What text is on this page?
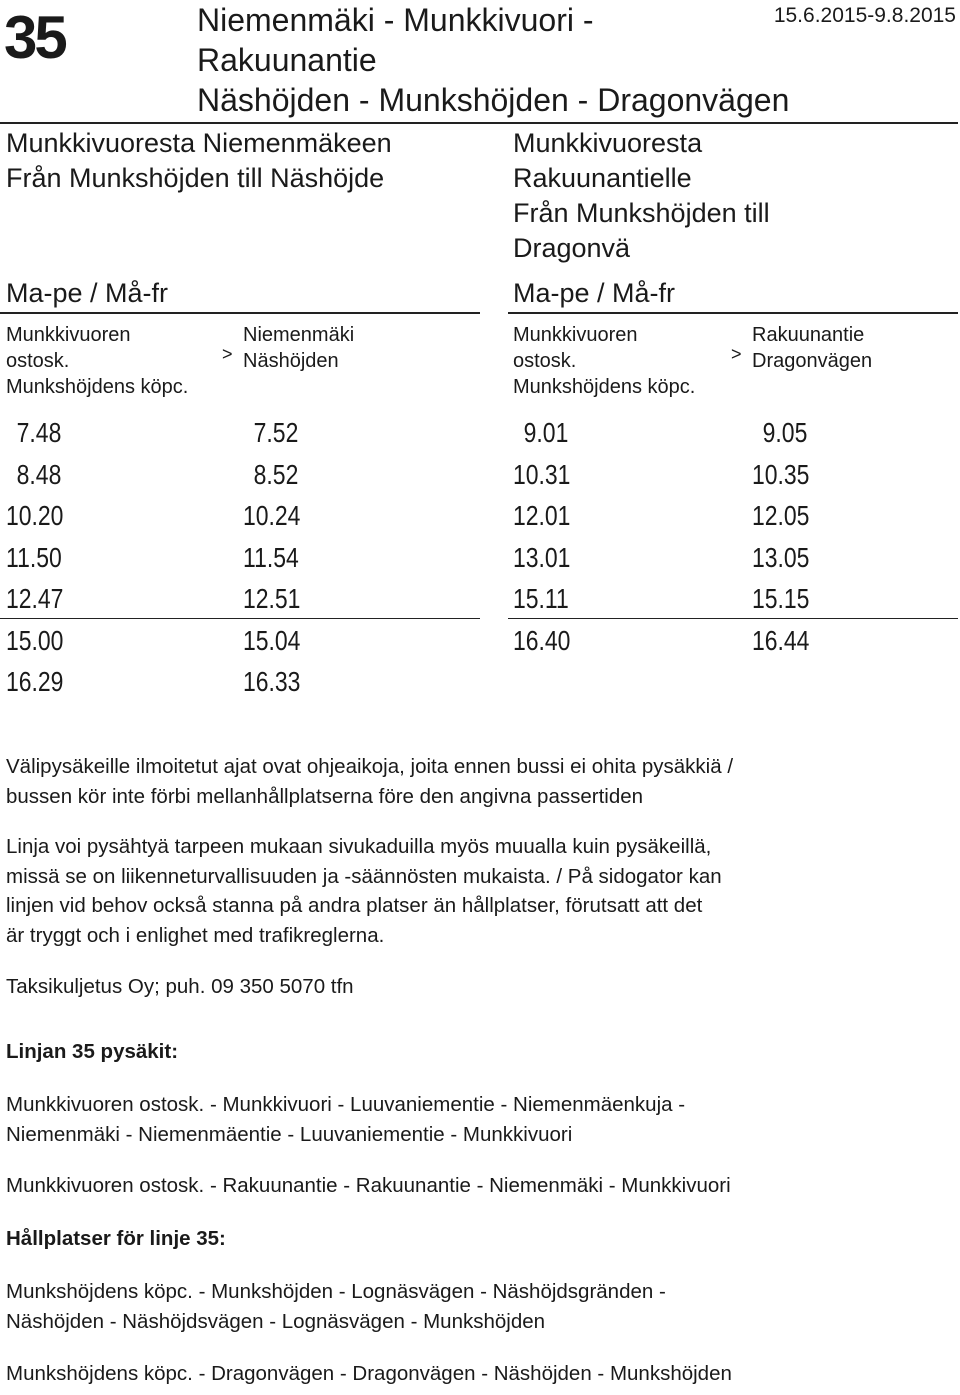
35	Niemenmäki - Munkkivuori -
Rakuunantie
Näshöjden - Munkshöjden - Dragonvägen
15.6.2015-9.8.2015
Munkkivuoresta Niemenmäkeen
Från Munkshöjden till Näshöjde
Ma-pe / Må-fr
Munkkivuoren
ostosk.
Munkshöjdens köpc.
>
Niemenmäki
Näshöjden
7.48
8.48
10.20
11.50
12.47
15.00
16.29
7.52
8.52
10.24
11.54
12.51
15.04
16.33
Munkkivuoresta
Rakuunantielle
Från Munkshöjden till
Dragonvä
Ma-pe / Må-fr
Munkkivuoren
ostosk.
Munkshöjdens köpc.
>
Rakuunantie
Dragonvägen
9.01
10.31
12.01
13.01
15.11
16.40
9.05
10.35
12.05
13.05
15.15
16.44
Välipysäkeille ilmoitetut ajat ovat ohjeaikoja, joita ennen bussi ei ohita pysäkkiä /
bussen kör inte förbi mellanhållplatserna före den angivna passertiden
Linja voi pysähtyä tarpeen mukaan sivukaduilla myös muualla kuin pysäkeillä,
missä se on liikenneturvallisuuden ja -säännösten mukaista. / På sidogator kan
linjen vid behov också stanna på andra platser än hållplatser, förutsatt att det
är tryggt och i enlighet med trafikreglerna.
Taksikuljetus Oy; puh. 09 350 5070 tfn
Linjan 35 pysäkit:
Munkkivuoren ostosk. - Munkkivuori - Luuvaniementie - Niemenmäenkuja -
Niemenmäki - Niemenmäentie - Luuvaniementie - Munkkivuori
Munkkivuoren ostosk. - Rakuunantie - Rakuunantie - Niemenmäki - Munkkivuori
Hållplatser för linje 35:
Munkshöjdens köpc. - Munkshöjden - Lognäsvägen - Näshöjdsgränden -
Näshöjden - Näshöjdsvägen - Lognäsvägen - Munkshöjden
Munkshöjdens köpc. - Dragonvägen - Dragonvägen - Näshöjden - Munkshöjden
